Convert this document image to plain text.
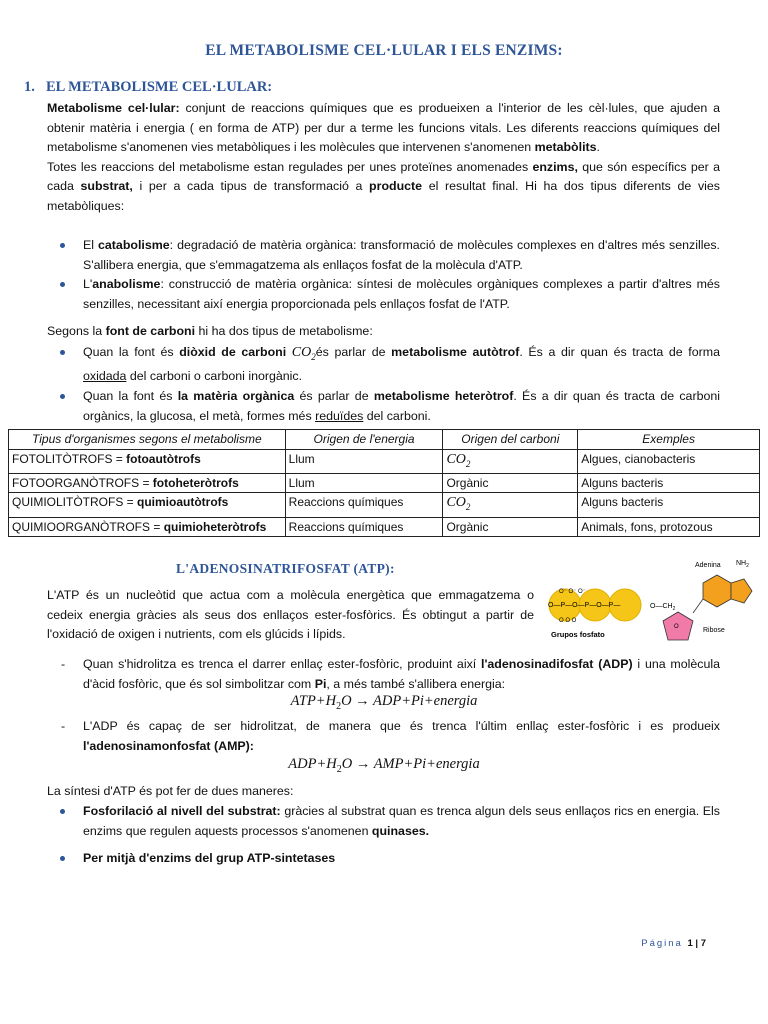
EL METABOLISME CEL·LULAR I ELS ENZIMS:
1. EL METABOLISME CEL·LULAR:

Metabolisme cel·lular: conjunt de reaccions químiques que es produeixen a l'interior de les cèl·lules, que ajuden a obtenir matèria i energia ( en forma de ATP) per dur a terme les funcions vitals. Les diferents reaccions químiques del metabolisme s'anomenen vies metabòliques i les molècules que intervenen s'anomenen metabòlits.
Totes les reaccions del metabolisme estan regulades per unes proteïnes anomenades enzims, que són específics per a cada substrat, i per a cada tipus de transformació a producte el resultat final. Hi ha dos tipus diferents de vies metabòliques:

El catabolisme: degradació de matèria orgànica: transformació de molècules complexes en d'altres més senzilles. S'allibera energia, que s'emmagatzema als enllaços fosfat de la molècula d'ATP.
L'anabolisme: construcció de matèria orgànica: síntesi de molècules orgàniques complexes a partir d'altres més senzilles, necessitant així energia proporcionada pels enllaços fosfat de l'ATP.

Segons la font de carboni hi ha dos tipus de metabolisme:

Quan la font és diòxid de carboni $CO_2és$ parlar de metabolisme autòtrof. És a dir quan és tracta de forma oxidada del carboni o carboni inorgànic.
Quan la font és la matèria orgànica és parlar de metabolisme heteròtrof. És a dir quan és tracta de carboni orgànics, la glucosa, el metà, formes més reduïdes del carboni.
Tipus d'organismes segons el metabolisme	Origen de l'energia	Origen del carboni	Exemples
FOTOLITÒTROFS = fotoautòtrofs	Llum	$CO_2$	Algues, cianobacteris
FOTOORGANÒTROFS = fotoheteròtrofs	Llum	Orgànic	Alguns bacteris
QUIMIOLITÒTROFS = quimioautòtrofs	Reaccions químiques	$CO_2$	Alguns bacteris
QUIMIOORGANÒTROFS = quimioheteròtrofs	Reaccions químiques	Orgànic	Animals, fons, protozous
L'ADENOSINATRIFOSFAT (ATP):

L'ATP és un nucleòtid que actua com a molècula energètica que emmagatzema o cedeix energia gràcies als seus dos enllaços ester-fosfòrics. És obtingut a partir de l'oxidació de oxigen i nutrients, com els glúcids i lípids.

O—P—O—P—O—P—
O⁻ O⁻ O⁻
O O O
Grupos fosfato
$O—CH_2$
O	Ribose
Adenina $NH_2$
- Quan s'hidrolitza es trenca el darrer enllaç ester-fosfòric, produint així l'adenosinadifosfat (ADP) i una molècula d'àcid fosfòric, que és sol simbolitzar com Pi, a més també s'allibera energia:
$ATP+H_2O$ → ADP+Pi+energia
- L'ADP és capaç de ser hidrolitzat, de manera que és trenca l'últim enllaç ester-fosfòric i es produeix l'adenosinamonfosfat (AMP):
$ADP+H_2O$ → AMP+Pi+energia

La síntesi d'ATP és pot fer de dues maneres:

Fosforilació al nivell del substrat: gràcies al substrat quan es trenca algun dels seus enllaços rics en energia. Els enzims que regulen aquests processos s'anomenen quinases.
Per mitjà d'enzims del grup ATP-sintetases
Página 1 | 7
